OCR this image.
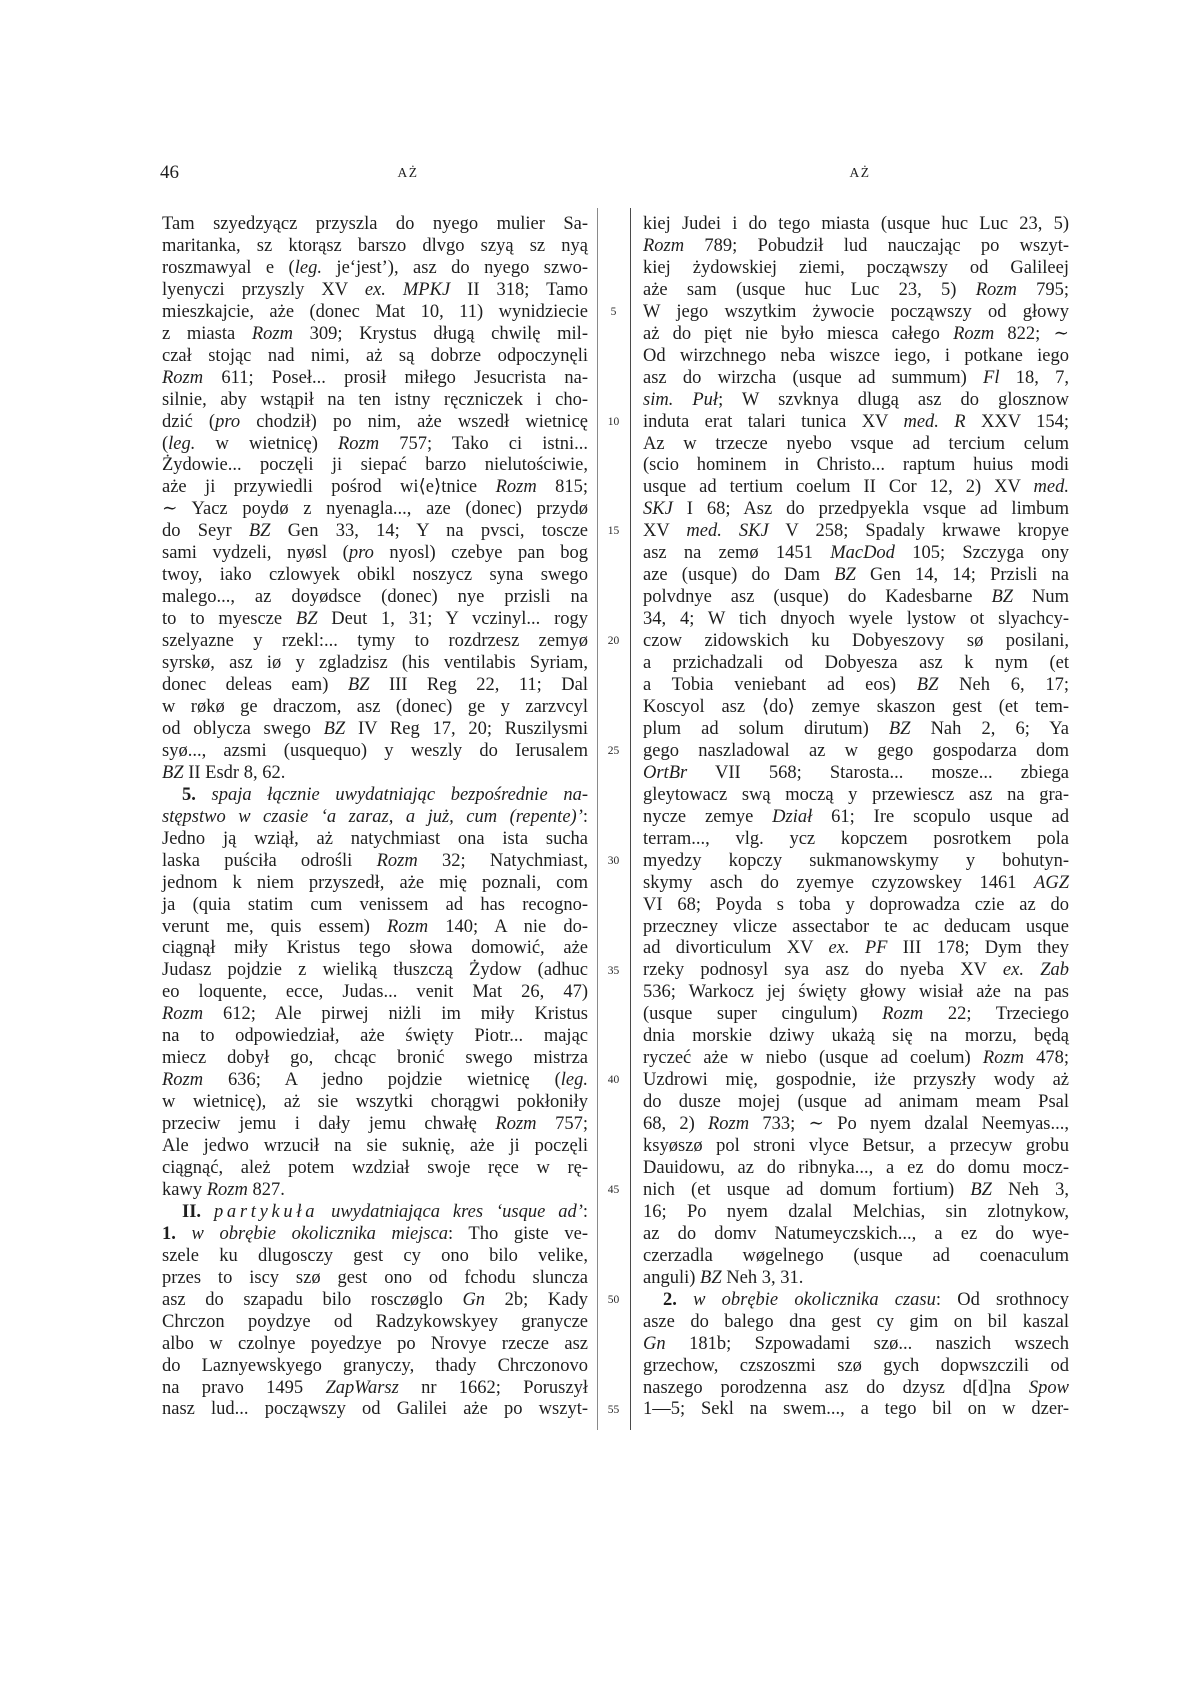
46	AŻ	AŻ
Tam szyedzyącz przyszla do nyego mulier Sa-
maritanka, sz ktorąsz barszo dlvgo szyą sz nyą
roszmawyal e (leg. je‘jest’), asz do nyego szwo-
lyenyczi przyszly XV ex. MPKJ II 318; Tamo
mieszkajcie, aże (donec Mat 10, 11) wynidziecie
z miasta Rozm 309; Krystus długą chwilę mil-
czał stojąc nad nimi, aż są dobrze odpoczynęli
Rozm 611; Poseł... prosił miłego Jesucrista na-
silnie, aby wstąpił na ten istny ręczniczek i cho-
dzić (pro chodził) po nim, aże wszedł wietnicę
(leg. w wietnicę) Rozm 757; Tako ci istni...
Żydowie... poczęli ji siepać barzo nielutościwie,
aże ji przywiedli pośrod wi⟨e⟩tnice Rozm 815;
∼ Yacz poydø z nyenagla..., aze (donec) przydø
do Seyr BZ Gen 33, 14; Y na pvsci, toscze
sami vydzeli, nyøsl (pro nyosl) czebye pan bog
twoy, iako czlowyek obikl noszycz syna swego
malego..., az doyødsce (donec) nye przisli na
to to myescze BZ Deut 1, 31; Y vczinyl... rogy
szelyazne y rzekl:... tymy to rozdrzesz zemyø
syrskø, asz iø y zgladzisz (his ventilabis Syriam,
donec deleas eam) BZ III Reg 22, 11; Dal
w røkø ge draczom, asz (donec) ge y zarzvcyl
od oblycza swego BZ IV Reg 17, 20; Ruszilysmi
syø..., azsmi (usquequo) y weszly do Ierusalem
BZ II Esdr 8, 62.
5. spaja łącznie uwydatniając bezpośrednie na-
stępstwo w czasie ‘a zaraz, a już, cum (repente)’:
Jedno ją wziął, aż natychmiast ona ista sucha
laska puściła odrośli Rozm 32; Natychmiast,
jednom k niem przyszedł, aże mię poznali, com
ja (quia statim cum venissem ad has recogno-
verunt me, quis essem) Rozm 140; A nie do-
ciągnął miły Kristus tego słowa domowić, aże
Judasz pojdzie z wieliką tłuszczą Żydow (adhuc
eo loquente, ecce, Judas... venit Mat 26, 47)
Rozm 612; Ale pirwej niżli im miły Kristus
na to odpowiedział, aże święty Piotr... mając
miecz dobył go, chcąc bronić swego mistrza
Rozm 636; A jedno pojdzie wietnicę (leg.
w wietnicę), aż sie wszytki chorągwi pokłoniły
przeciw jemu i dały jemu chwałę Rozm 757;
Ale jedwo wrzucił na sie suknię, aże ji poczęli
ciągnąć, ależ potem wzdział swoje ręce w rę-
kawy Rozm 827.
II. partykuła uwydatniająca kres ‘usque ad’:
1. w obrębie okolicznika miejsca: Tho giste ve-
szele ku dlugosczy gest cy ono bilo velike,
przes to iscy szø gest ono od fchodu sluncza
asz do szapadu bilo rosczøglo Gn 2b; Kady
Chrczon poydzye od Radzykowskyey granycze
albo w czolnye poyedzye po Nrovye rzecze asz
do Laznyewskyego granyczy, thady Chrczonovo
na pravo 1495 ZapWarsz nr 1662; Poruszył
nasz lud... począwszy od Galilei aże po wszyt-
5
10
15
20
25
30
35
40
45
50
55
kiej Judei i do tego miasta (usque huc Luc 23, 5)
Rozm 789; Pobudził lud nauczając po wszyt-
kiej żydowskiej ziemi, począwszy od Galileej
aże sam (usque huc Luc 23, 5) Rozm 795;
W jego wszytkim żywocie począwszy od głowy
aż do pięt nie było miesca całego Rozm 822; ∼
Od wirzchnego neba wiszce iego, i potkane iego
asz do wirzcha (usque ad summum) Fl 18, 7,
sim. Puł; W szvknya dlugą asz do glosznow
induta erat talari tunica XV med. R XXV 154;
Az w trzecze nyebo vsque ad tercium celum
(scio hominem in Christo... raptum huius modi
usque ad tertium coelum II Cor 12, 2) XV med.
SKJ I 68; Asz do przedpyekla vsque ad limbum
XV med. SKJ V 258; Spadaly krwawe kropye
asz na zemø 1451 MacDod 105; Szczyga ony
aze (usque) do Dam BZ Gen 14, 14; Przisli na
polvdnye asz (usque) do Kadesbarne BZ Num
34, 4; W tich dnyoch wyele lystow ot slyachcy-
czow zidowskich ku Dobyeszovy sø posilani,
a przichadzali od Dobyesza asz k nym (et
a Tobia veniebant ad eos) BZ Neh 6, 17;
Koscyol asz ⟨do⟩ zemye skaszon gest (et tem-
plum ad solum dirutum) BZ Nah 2, 6; Ya
gego naszladowal az w gego gospodarza dom
OrtBr VII 568; Starosta... mosze... zbiega
gleytowacz swą moczą y przewiescz asz na gra-
nycze zemye Dział 61; Ire scopulo usque ad
terram..., vlg. ycz kopczem posrotkem pola
myedzy kopczy sukmanowskymy y bohutyn-
skymy asch do zyemye czyzowskey 1461 AGZ
VI 68; Poyda s toba y doprowadza czie az do
przeczney vlicze assectabor te ac deducam usque
ad divorticulum XV ex. PF III 178; Dym they
rzeky podnosyl sya asz do nyeba XV ex. Zab
536; Warkocz jej święty głowy wisiał aże na pas
(usque super cingulum) Rozm 22; Trzeciego
dnia morskie dziwy ukażą się na morzu, będą
ryczeć aże w niebo (usque ad coelum) Rozm 478;
Uzdrowi mię, gospodnie, iże przyszły wody aż
do dusze mojej (usque ad animam meam Psal
68, 2) Rozm 733; ∼ Po nyem dzalal Neemyas...,
ksyøszø pol stroni vlyce Betsur, a przecyw grobu
Dauidowu, az do ribnyka..., a ez do domu mocz-
nich (et usque ad domum fortium) BZ Neh 3,
16; Po nyem dzalal Melchias, sin zlotnykow,
az do domv Natumeyczskich..., a ez do wye-
czerzadla wøgelnego (usque ad coenaculum
anguli) BZ Neh 3, 31.
2. w obrębie okolicznika czasu: Od srothnocy
asze do balego dna gest cy gim on bil kaszal
Gn 181b; Szpowadami szø... naszich wszech
grzechow, czszoszmi szø gych dopwszczili od
naszego porodzenna asz do dzysz d[d]na Spow
1—5; Sekl na swem..., a tego bil on w dzer-
